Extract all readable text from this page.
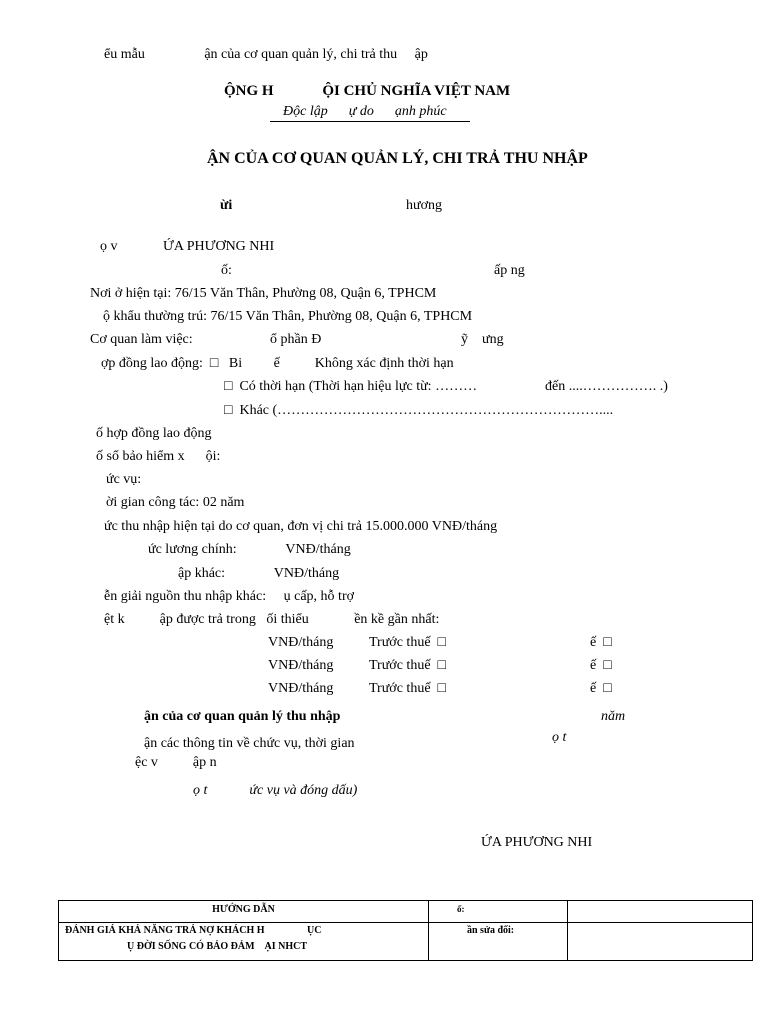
ểu mẫu                 ận của cơ quan quản lý, chi trả thu     ập
ỘNG H             ỘI CHỦ NGHĨA VIỆT NAM
Độc lập      ự do      ạnh phúc
ẬN CỦA CƠ QUAN QUẢN LÝ, CHI TRẢ THU NHẬP
ừi	hương
ọ v             ỨA PHƯƠNG NHI
ố:	ấp ng
Nơi ở hiện tại: 76/15 Văn Thân, Phường 08, Quận 6, TPHCM
ộ khẩu thường trú: 76/15 Văn Thân, Phường 08, Quận 6, TPHCM
Cơ quan làm việc:	ổ phần Đ	ỹ    ưng
ợp đồng lao động:  □   Bi         ế          Không xác định thời hạn
□  Có thời hạn (Thời hạn hiệu lực từ: ………	đến ....……………. .)
□  Khác (……………………………………………………………....
ố hợp đồng lao động
ố sổ bảo hiểm x      ội:
ức vụ:
ời gian công tác: 02 năm
ức thu nhập hiện tại do cơ quan, đơn vị chi trả 15.000.000 VNĐ/tháng
ức lương chính:              VNĐ/tháng
ập khác:              VNĐ/tháng
ễn giải nguồn thu nhập khác:     ụ cấp, hỗ trợ
ệt k          ập được trả trong   ối thiểu             ền kề gần nhất:
VNĐ/tháng	Trước thuế  □	ế  □
VNĐ/tháng	Trước thuế  □	ế  □
VNĐ/tháng	Trước thuế  □	ế  □
ận của cơ quan quản lý thu nhập	năm
ận các thông tin về chức vụ, thời gian	ọ t
ệc v          ập n
ọ t            ức vụ và đóng dấu)
ỨA PHƯƠNG NHI
HƯỚNG DẪN	ố:	

ĐÁNH GIÁ KHẢ NĂNG TRẢ NỢ KHÁCH H                 ỤC
Ụ ĐỜI SỐNG CÓ BẢO ĐẢM    ẠI NHCT	ần sửa đổi:	
